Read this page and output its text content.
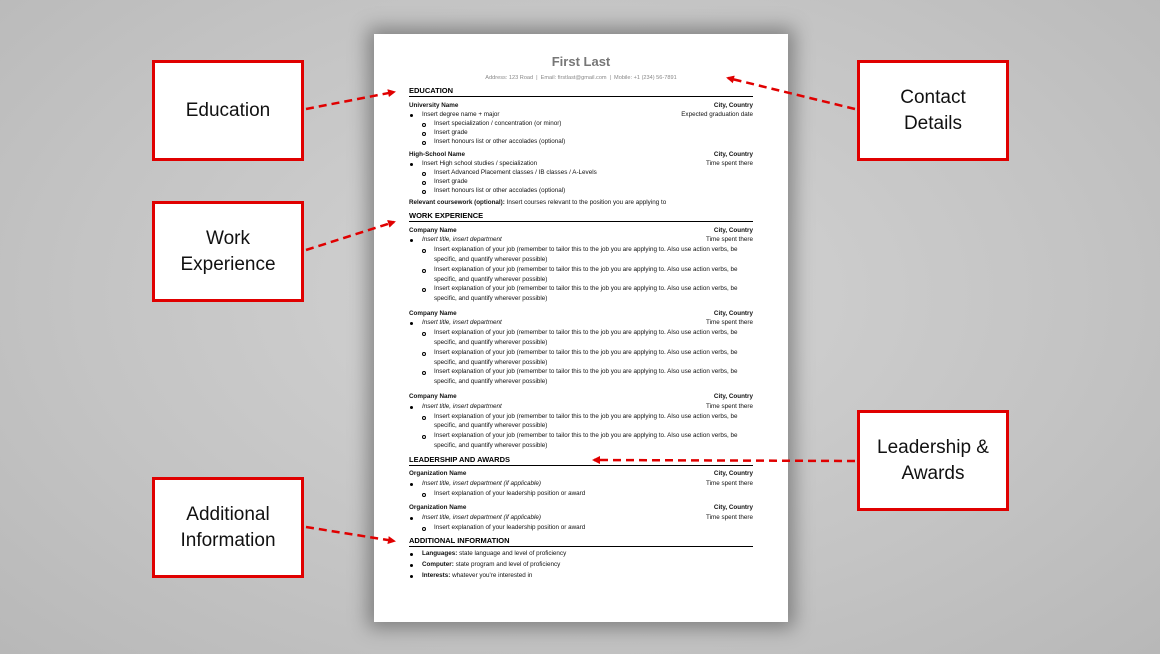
First Last
Address: 123 Road | Email: firstlast@gmail.com | Mobile: +1 (234) 56-7891
EDUCATION
University Name	City, Country
Insert degree name + major	Expected graduation date
Insert specialization / concentration (or minor)
Insert grade
Insert honours list or other accolades (optional)
High-School Name	City, Country
Insert High school studies / specialization	Time spent there
Insert Advanced Placement classes / IB classes / A-Levels
Insert grade
Insert honours list or other accolades (optional)
Relevant coursework (optional): Insert courses relevant to the position you are applying to
WORK EXPERIENCE
Company Name	City, Country
Insert title, insert department	Time spent there
Insert explanation of your job (remember to tailor this to the job you are applying to. Also use action verbs, be
specific, and quantify wherever possible)
Insert explanation of your job (remember to tailor this to the job you are applying to. Also use action verbs, be
specific, and quantify wherever possible)
Insert explanation of your job (remember to tailor this to the job you are applying to. Also use action verbs, be
specific, and quantify wherever possible)
Company Name	City, Country
Insert title, insert department	Time spent there
Insert explanation of your job (remember to tailor this to the job you are applying to. Also use action verbs, be
specific, and quantify wherever possible)
Insert explanation of your job (remember to tailor this to the job you are applying to. Also use action verbs, be
specific, and quantify wherever possible)
Insert explanation of your job (remember to tailor this to the job you are applying to. Also use action verbs, be
specific, and quantify wherever possible)
Company Name	City, Country
Insert title, insert department	Time spent there
Insert explanation of your job (remember to tailor this to the job you are applying to. Also use action verbs, be
specific, and quantify wherever possible)
Insert explanation of your job (remember to tailor this to the job you are applying to. Also use action verbs, be
specific, and quantify wherever possible)
LEADERSHIP AND AWARDS
Organization Name	City, Country
Insert title, insert department (if applicable)	Time spent there
Insert explanation of your leadership position or award
Organization Name	City, Country
Insert title, insert department (if applicable)	Time spent there
Insert explanation of your leadership position or award
ADDITIONAL INFORMATION
Languages: state language and level of proficiency
Computer: state program and level of proficiency
Interests: whatever you're interested in
Education
Work
Experience
Additional
Information
Contact
Details
Leadership &
Awards
